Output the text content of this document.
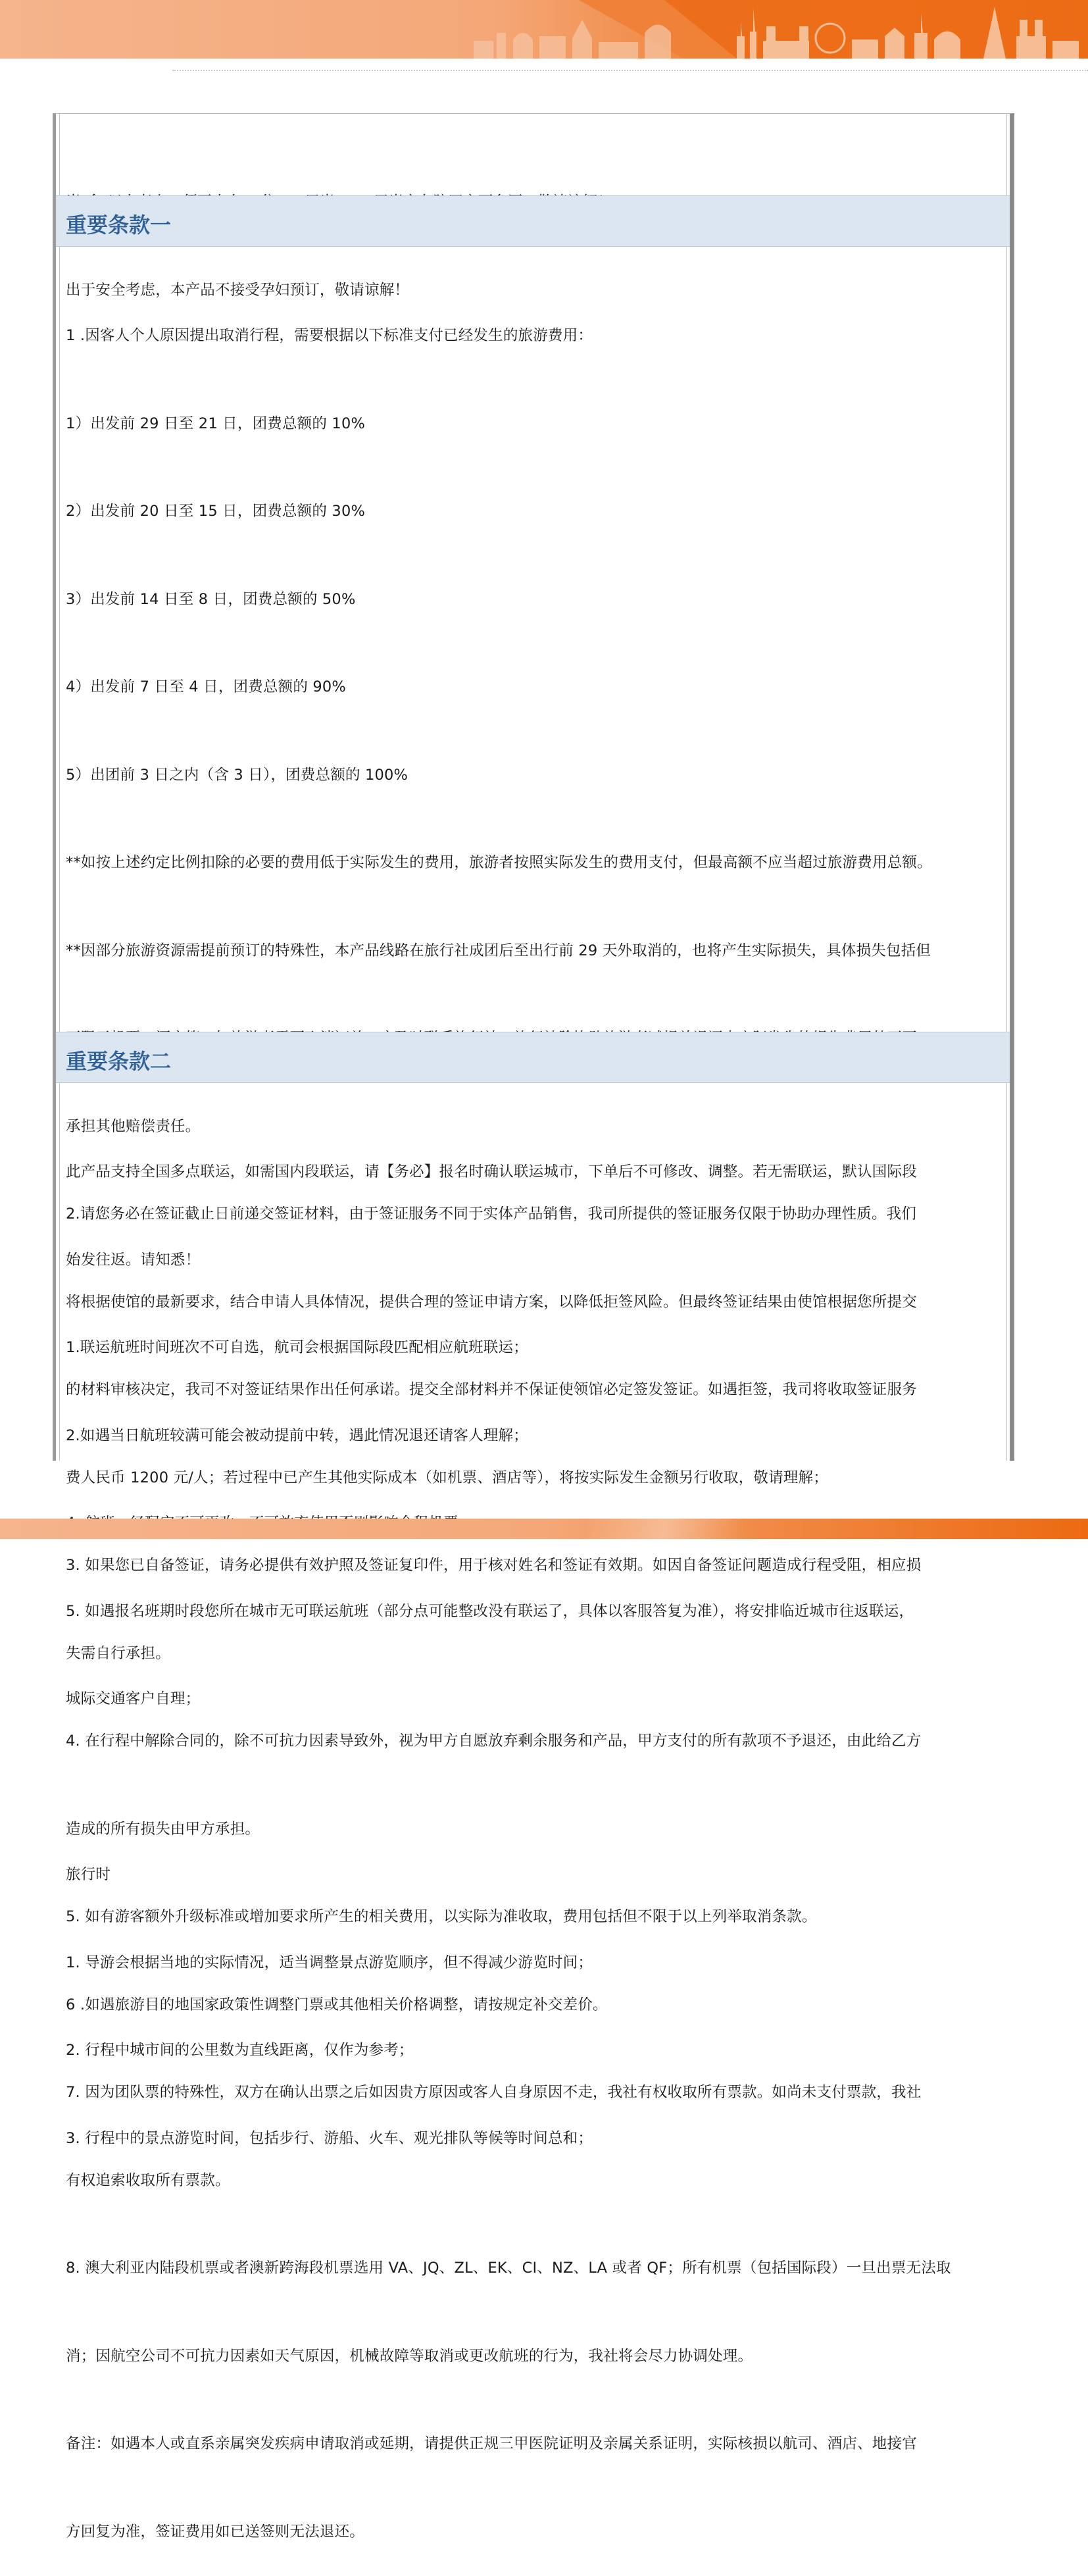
出于安全考虑，本产品不接受孕妇预订，敬请谅解！

重要条款一

1 .因客人个人原因提出取消行程，需要根据以下标准支付已经发生的旅游费用：

1）出发前 29 日至 21 日，团费总额的 10%

2）出发前 20 日至 15 日，团费总额的 30%

3）出发前 14 日至 8 日，团费总额的 50%

4）出发前 7 日至 4 日，团费总额的 90%

5）出团前 3 日之内（含 3 日），团费总额的 100%

**如按上述约定比例扣除的必要的费用低于实际发生的费用，旅游者按照实际发生的费用支付，但最高额不应当超过旅游费用总额。

**因部分旅游资源需提前预订的特殊性，本产品线路在旅行社成团后至出行前 29 天外取消的，也将产生实际损失，具体损失包括但

承担其他赔偿责任。

2.请您务必在签证截止日前递交签证材料，由于签证服务不同于实体产品销售，我司所提供的签证服务仅限于协助办理性质。我们

将根据使馆的最新要求，结合申请人具体情况，提供合理的签证申请方案，以降低拒签风险。但最终签证结果由使馆根据您所提交

的材料审核决定，我司不对签证结果作出任何承诺。提交全部材料并不保证使领馆必定签发签证。如遇拒签，我司将收取签证服务

费人民币 1200 元/人；若过程中已产生其他实际成本（如机票、酒店等），将按实际发生金额另行收取，敬请理解；

3. 如果您已自备签证，请务必提供有效护照及签证复印件，用于核对姓名和签证有效期。如因自备签证问题造成行程受阻，相应损

失需自行承担。

4. 在行程中解除合同的，除不可抗力因素导致外，视为甲方自愿放弃剩余服务和产品，甲方支付的所有款项不予退还，由此给乙方

造成的所有损失由甲方承担。

5. 如有游客额外升级标准或增加要求所产生的相关费用，以实际为准收取，费用包括但不限于以上列举取消条款。

6 .如遇旅游目的地国家政策性调整门票或其他相关价格调整，请按规定补交差价。

7. 因为团队票的特殊性，双方在确认出票之后如因贵方原因或客人自身原因不走，我社有权收取所有票款。如尚未支付票款，我社

有权追索收取所有票款。

8. 澳大利亚内陆段机票或者澳新跨海段机票选用 VA、JQ、ZL、EK、CI、NZ、LA 或者 QF；所有机票（包括国际段）一旦出票无法取

消；因航空公司不可抗力因素如天气原因，机械故障等取消或更改航班的行为，我社将会尽力协调处理。

备注：如遇本人或直系亲属突发疾病申请取消或延期，请提供正规三甲医院证明及亲属关系证明，实际核损以航司、酒店、地接官

方回复为准，签证费用如已送签则无法退还。

重要条款二

此产品支持全国多点联运，如需国内段联运，请【务必】报名时确认联运城市，下单后不可修改、调整。若无需联运，默认国际段

始发往返。请知悉！

1.联运航班时间班次不可自选，航司会根据国际段匹配相应航班联运；

2.如遇当日航班较满可能会被动提前中转，遇此情况退还请客人理解；

5. 如遇报名班期时段您所在城市无可联运航班（部分点可能整改没有联运了，具体以客服答复为准），将安排临近城市往返联运，

城际交通客户自理；

旅行时

1. 导游会根据当地的实际情况，适当调整景点游览顺序，但不得减少游览时间；

2. 行程中城市间的公里数为直线距离，仅作为参考；

3. 行程中的景点游览时间，包括步行、游船、火车、观光排队等候等时间总和；
